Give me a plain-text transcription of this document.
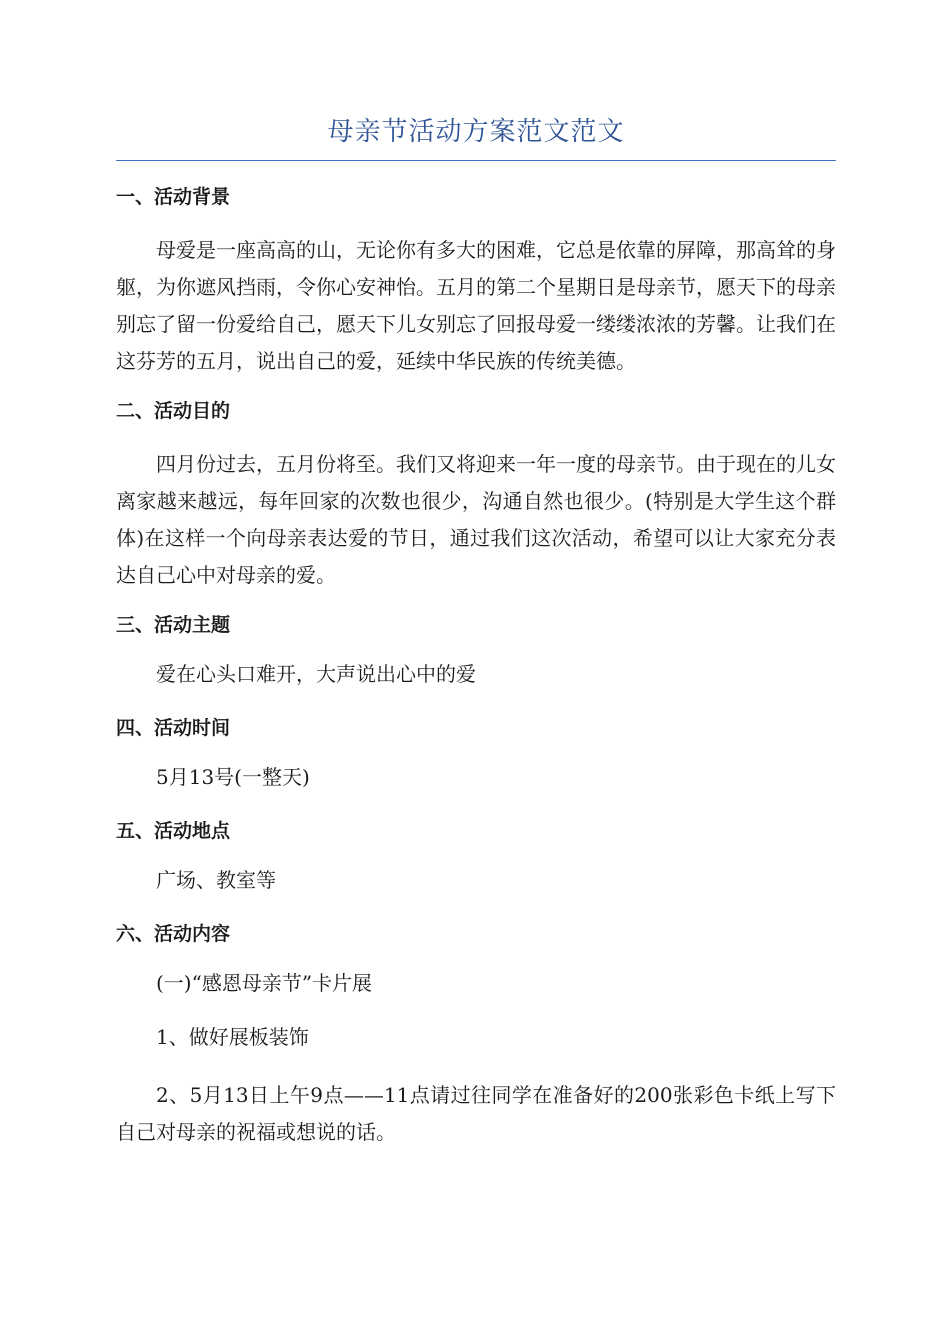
母亲节活动方案范文范文
一、活动背景

母爱是一座高高的山，无论你有多大的困难，它总是依靠的屏障，那高耸的身躯，为你遮风挡雨，令你心安神怡。五月的第二个星期日是母亲节，愿天下的母亲别忘了留一份爱给自己，愿天下儿女别忘了回报母爱一缕缕浓浓的芳馨。让我们在这芬芳的五月，说出自己的爱，延续中华民族的传统美德。

二、活动目的

四月份过去，五月份将至。我们又将迎来一年一度的母亲节。由于现在的儿女离家越来越远，每年回家的次数也很少，沟通自然也很少。(特别是大学生这个群体)在这样一个向母亲表达爱的节日，通过我们这次活动，希望可以让大家充分表达自己心中对母亲的爱。

三、活动主题

爱在心头口难开，大声说出心中的爱

四、活动时间

5月13号(一整天)

五、活动地点

广场、教室等

六、活动内容

(一)“感恩母亲节”卡片展

1、做好展板装饰

2、5月13日上午9点——11点请过往同学在准备好的200张彩色卡纸上写下自己对母亲的祝福或想说的话。
